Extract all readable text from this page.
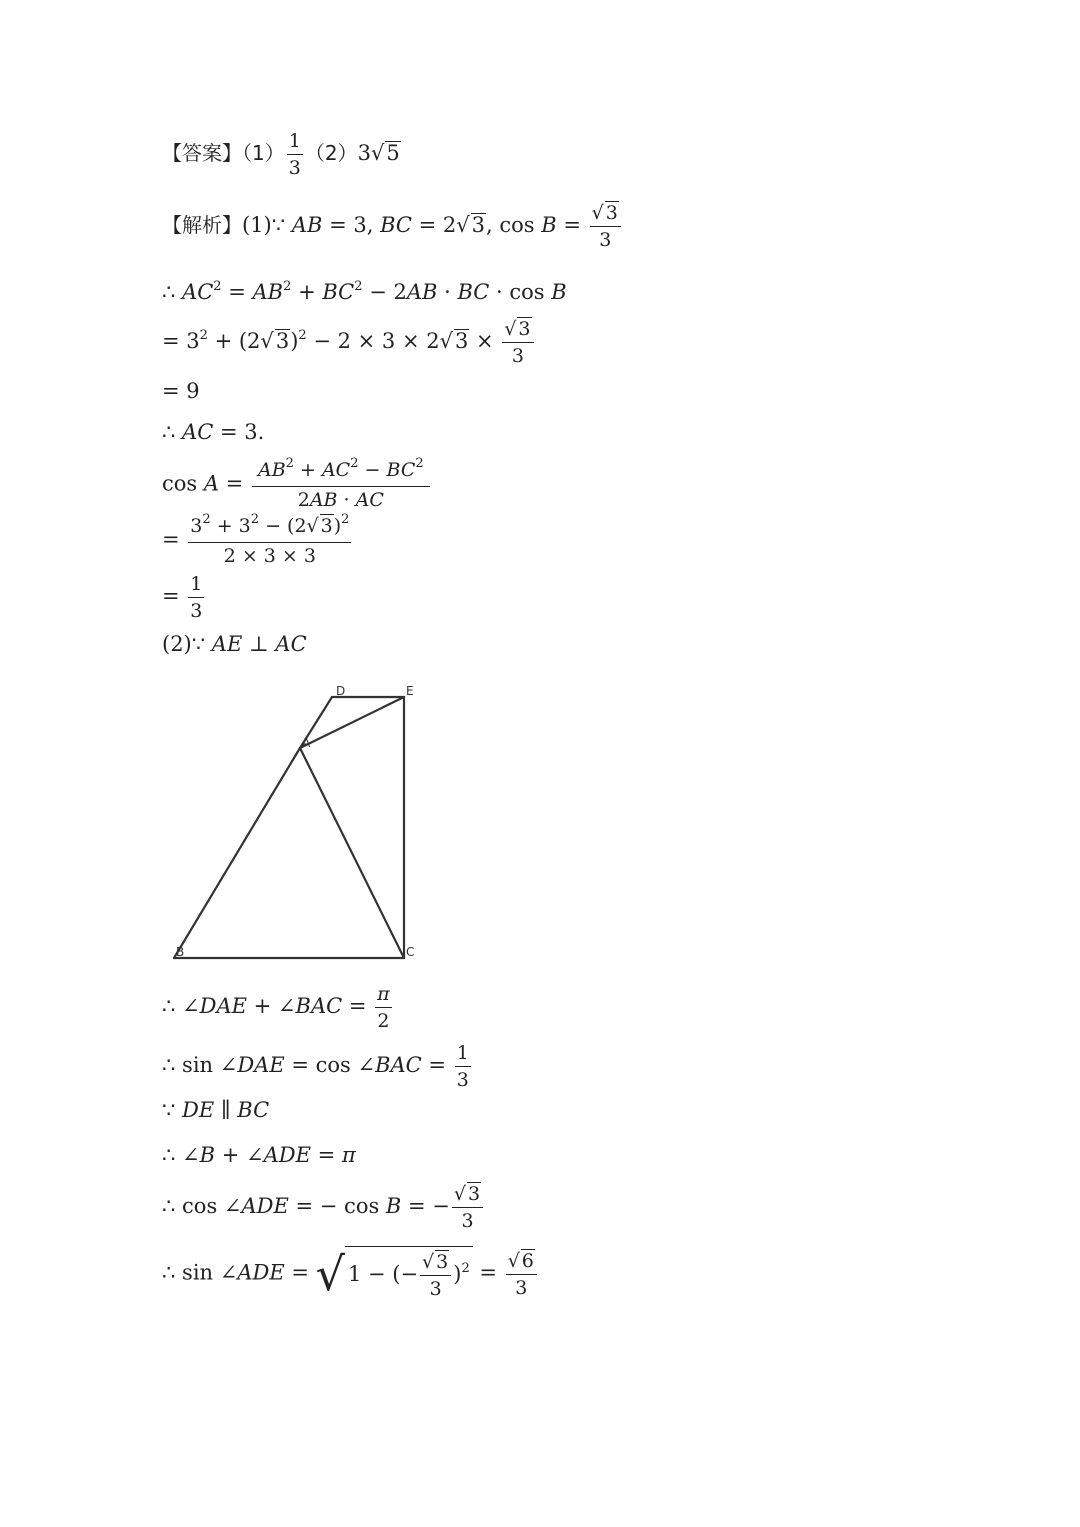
【答案】$(1) \frac{1}{3} (2)3√5$
【解析】(1)∵ AB = 3, BC = 2√3, $\cos B = \frac{√ 3}{3}$
∴ $AC^2 = AB^2 + BC^2 - 2AB$ · BC · cos B
= $3^2 + (2√3)^2 - 2 \times 3 \times 2√3 \times \frac{√ 3}{3}$
= 9
∴ AC = 3.
$\cos A = \frac{AB^2 + AC^2 - BC^2}{2AB \cdot AC}$
= $\frac{3^2 + 3^2 - (2√ 3)^2}{2 \times 3 \times 3}$
= $\frac{1}{3}$
(2)∵ AE ⊥ AC
D	E
A
B	C
∴ ∠DAE + ∠BAC = $\frac{\pi}{2}$
∴ sin ∠DAE = cos ∠BAC = $\frac{1}{3}$
∵ DE ∥ BC
∴ ∠B + ∠ADE = π
∴ cos ∠ADE = − cos B = − $\frac{√ 3}{3}$
∴ sin ∠ADE = √ 1 − (− $\frac{√ 3}{3} )^2 = \frac{√ 6}{3}$
